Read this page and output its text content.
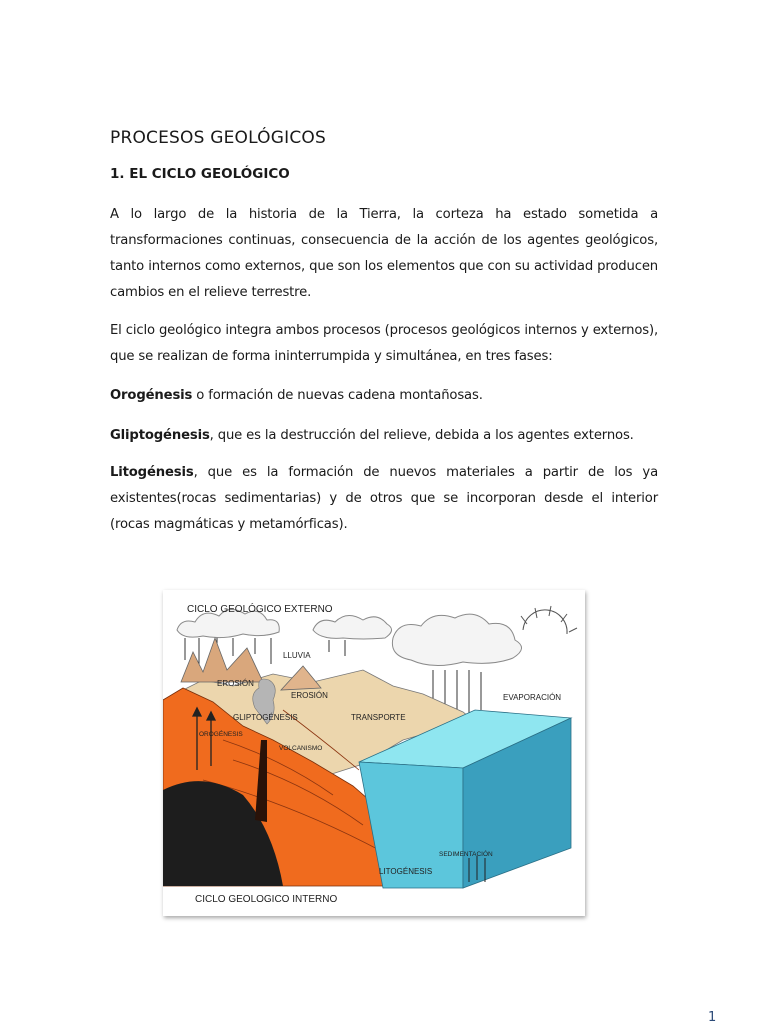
PROCESOS GEOLÓGICOS
1. EL CICLO GEOLÓGICO

A lo largo de la historia de la Tierra, la corteza ha estado sometida a transformaciones continuas, consecuencia de la acción de los agentes geológicos, tanto internos como externos, que son los elementos que con su actividad producen cambios en el relieve terrestre.

El ciclo geológico integra ambos procesos (procesos geológicos internos y externos), que se realizan de forma ininterrumpida y simultánea, en tres fases:

Orogénesis o formación de nuevas cadena montañosas.

Gliptogénesis, que es la destrucción del relieve, debida a los agentes externos.

Litogénesis, que es la formación de nuevos materiales a partir de los ya existentes(rocas sedimentarias) y de otros que se incorporan desde el interior (rocas magmáticas y metamórficas).

CICLO GEOLÓGICO EXTERNO
LLUVIA
EROSIÓN
EROSIÓN
GLIPTOGÉNESIS	TRANSPORTE
EVAPORACIÓN
OROGÉNESIS
VOLCANISMO
SEDIMENTACIÓN
LITOGÉNESIS
CICLO GEOLOGICO INTERNO

1
